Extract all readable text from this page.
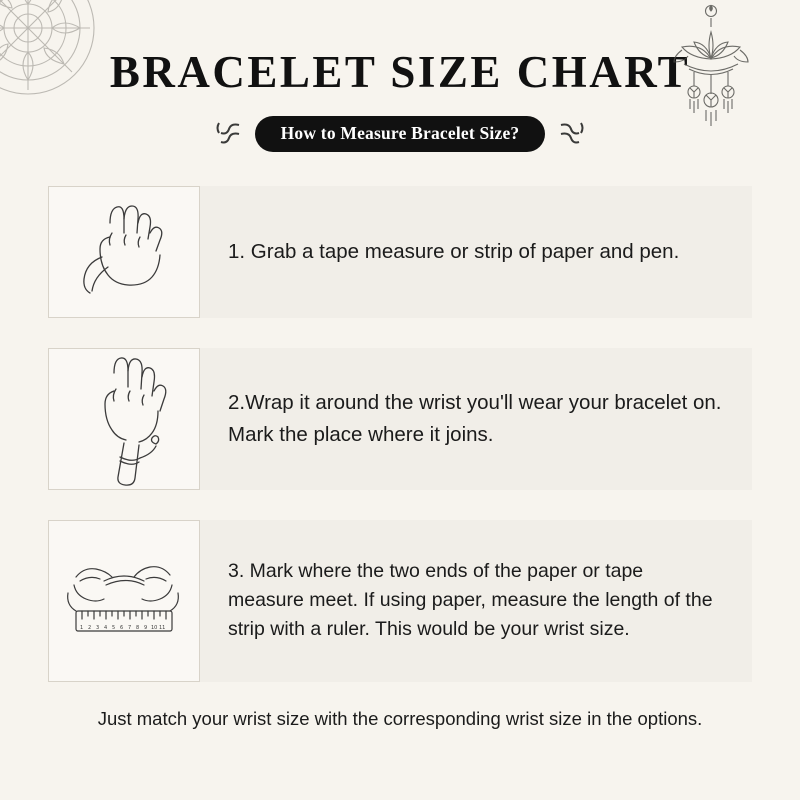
BRACELET SIZE CHART
How to Measure Bracelet Size?
1. Grab a tape measure or strip of paper and pen.
2.Wrap it around the wrist you'll wear your bracelet on. Mark the place where it joins.
1 2 3 4 5 6 7 8 9 10 11
3. Mark where the two ends of the paper or tape measure meet. If using paper, measure the length of the strip with a ruler. This would be your wrist size.
Just match your wrist size with the corresponding wrist size in the options.
